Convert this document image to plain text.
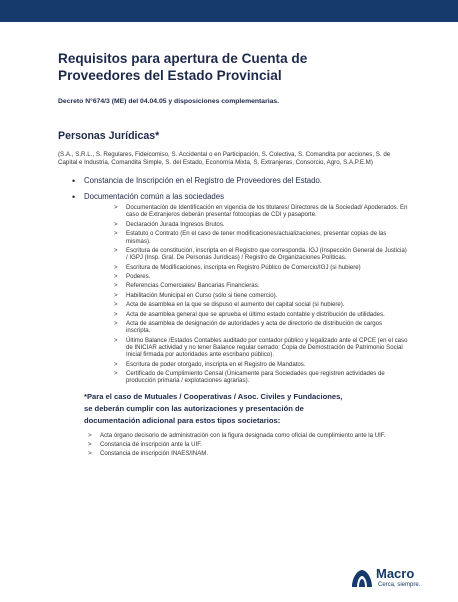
Requisitos para apertura de Cuenta de
Proveedores del Estado Provincial
Decreto N°674/3 (ME) del 04.04.05 y disposiciones complementarias.
Personas Jurídicas*
(S.A., S.R.L., S. Regulares, Fideicomiso, S. Accidental o en Participación, S. Colectiva, S. Comandita por acciones, S. de Capital e Industria, Comandita Simple, S. del Estado, Economía Mixta, S. Extranjeras, Consorcio, Agro, S.A.P.E.M)
• Constancia de Inscripción en el Registro de Proveedores del Estado.
• Documentación común a las sociedades
> Documentación de Identificación en vigencia de los titulares/ Directores de la Sociedad/ Apoderados. En caso de Extranjeros deberán presentar fotocopias de CDI y pasaporte.
> Declaración Jurada Ingresos Brutos.
> Estatuto o Contrato (En el caso de tener modificaciones/actualizaciones, presentar copias de las mismas).
> Escritura de constitución, inscripta en el Registro que corresponda. IGJ (Inspección General de Justicia) / IGPJ (Insp. Gral. De Personas Jurídicas) / Registro de Organizaciones Políticas.
> Escritura de Modificaciones, inscripta en Registro Público de Comercio/IGJ (si hubiere)
> Poderes.
> Referencias Comerciales/ Bancarias Financieras.
> Habilitación Municipal en Curso (sólo si tiene comercio).
> Acta de asamblea en la que se dispuso el aumento del capital social (si hubiere).
> Acta de asamblea general que se aprueba el último estado contable y distribución de utilidades.
> Acta de asamblea de designación de autoridades y acta de directorio de distribución de cargos inscripta.
> Último Balance /Estados Contables auditado por contador público y legalizado ante el CPCE (en el caso de INICIAR actividad y no tener Balance regular cerrado: Copia de Demostración de Patrimonio Social Inicial firmada por autoridades ante escribano público).
> Escritura de poder otorgado, inscripta en el Registro de Mandatos.
> Certificado de Cumplimiento Censal (Únicamente para Sociedades que registren actividades de producción primaria / explotaciones agrarias).
*Para el caso de Mutuales / Cooperativas / Asoc. Civiles y Fundaciones,
se deberán cumplir con las autorizaciones y presentación de
documentación adicional para estos tipos societarios:
> Acta órgano decisorio de administración con la figura designada como oficial de cumplimiento ante la UIF.
> Constancia de inscripción ante la UIF.
> Constancia de inscripción INAES/INAM.
Macro
Cerca, siempre.
